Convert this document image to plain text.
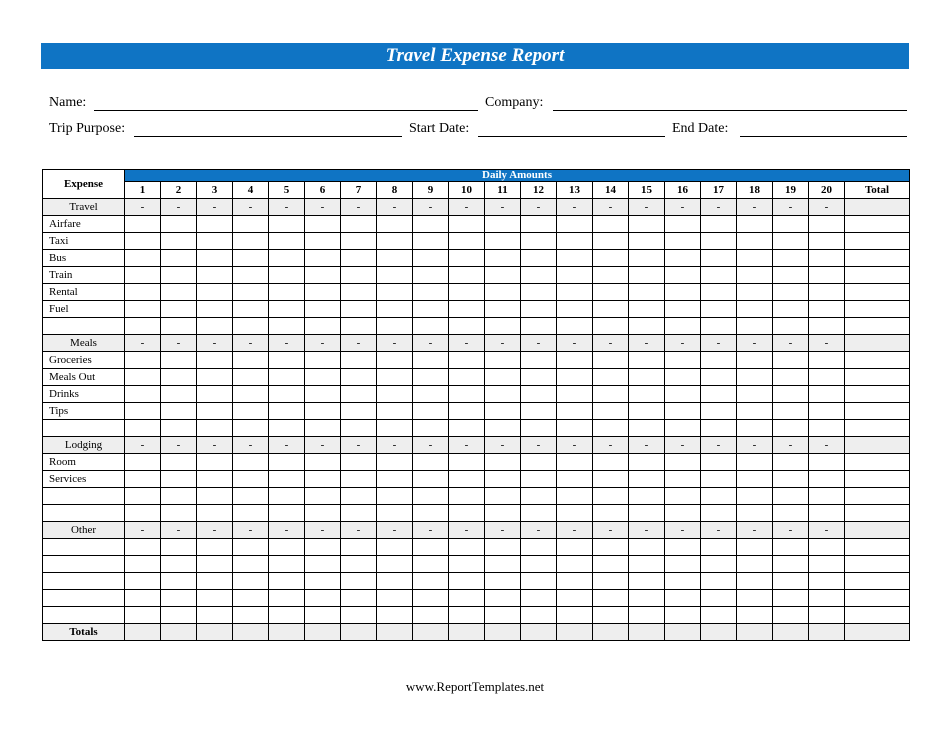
Travel Expense Report
Name:	Company:
Trip Purpose:	Start Date:	End Date:
Expense	Daily Amounts																				
	1	2	3	4	5	6	7	8	9	10	11	12	13	14	15	16	17	18	19	20	Total
Travel	-	-	-	-	-	-	-	-	-	-	-	-	-	-	-	-	-	-	-	-	
Airfare																					
Taxi																					
Bus																					
Train																					
Rental																					
Fuel																					

Meals	-	-	-	-	-	-	-	-	-	-	-	-	-	-	-	-	-	-	-	-	
Groceries																					
Meals Out																					
Drinks																					
Tips																					

Lodging	-	-	-	-	-	-	-	-	-	-	-	-	-	-	-	-	-	-	-	-	
Room																					
Services																					

Other	-	-	-	-	-	-	-	-	-	-	-	-	-	-	-	-	-	-	-	-	

Totals																					
www.ReportTemplates.net
